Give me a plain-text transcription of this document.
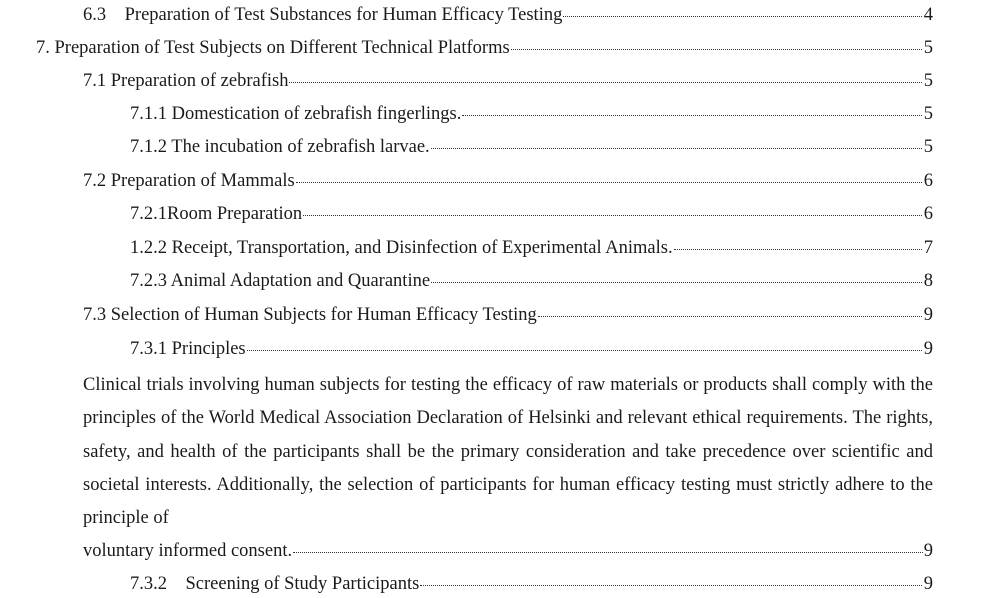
6.3    Preparation of Test Substances for Human Efficacy Testing	4
7. Preparation of Test Subjects on Different Technical Platforms	5
7.1 Preparation of zebrafish	5
7.1.1 Domestication of zebrafish fingerlings.	5
7.1.2 The incubation of zebrafish larvae.	5
7.2 Preparation of Mammals	6
7.2.1Room Preparation	6
1.2.2 Receipt, Transportation, and Disinfection of Experimental Animals.	7
7.2.3 Animal Adaptation and Quarantine	8
7.3 Selection of Human Subjects for Human Efficacy Testing	9
7.3.1 Principles	9
Clinical trials involving human subjects for testing the efficacy of raw materials or products shall comply with the principles of the World Medical Association Declaration of Helsinki and relevant ethical requirements. The rights, safety, and health of the participants shall be the primary consideration and take precedence over scientific and societal interests. Additionally, the selection of participants for human efficacy testing must strictly adhere to the principle of
voluntary informed consent.	9
7.3.2    Screening of Study Participants	9
